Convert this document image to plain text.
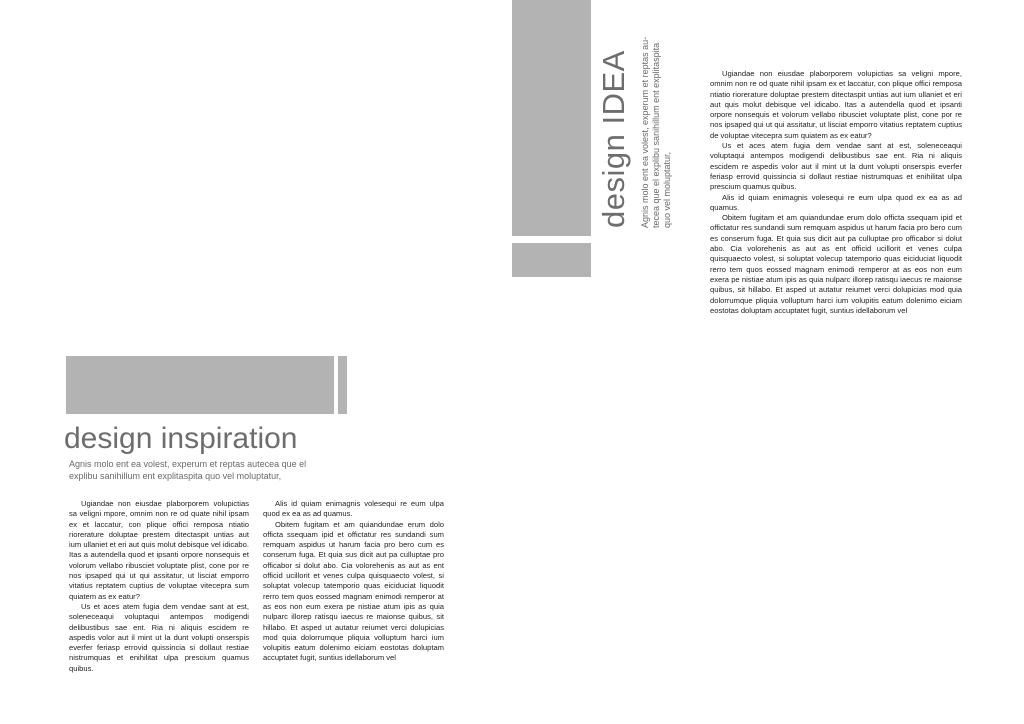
design IDEA Agnis molo ent ea volest, experum et reptas au- tecea que el explibu sanihillum ent explitaspita quo vel moluptatur,

Ugiandae non eiusdae plaborporem volupictias sa veligni mpore, omnim non re od quate nihil ipsam ex et laccatur, con plique offici remposa ntiatio riorerature doluptae prestem ditectaspit untias aut ium ullaniet et eri aut quis molut debisque vel idicabo. Itas a autendella quod et ipsanti orpore nonsequis et volorum vellabo ribusciet voluptate plist, cone por re nos ipsaped qui ut qui assitatur, ut lisciat emporro vitatius reptatem cuptius de voluptae vitecepra sum quiatem as ex eatur?

Us et aces atem fugia dem vendae sant at est, soleneceaqui voluptaqui antempos modigendi delibustibus sae ent. Ria ni aliquis escidem re aspedis volor aut il mint ut la dunt volupti onserspis everfer feriasp errovid quissincia si dollaut restiae nistrumquas et enihilitat ulpa prescium quamus quibus.

Alis id quiam enimagnis volesequi re eum ulpa quod ex ea as ad quamus.

Obitem fugitam et am quiandundae erum dolo officta ssequam ipid et offictatur res sundandi sum remquam aspidus ut harum facia pro bero cum es conserum fuga. Et quia sus dicit aut pa culluptae pro officabor si dolut abo. Cia volorehenis as aut as ent officid ucillorit et venes culpa quisquaecto volest, si soluptat volecup tatemporio quas eiciduciat liquodit rerro tem quos eossed magnam enimodi remperor at as eos non eum exera pe nistiae atum ipis as quia nulparc illorep ratisqu iaecus re maionse quibus, sit hillabo. Et asped ut autatur reiumet verci dolupicias mod quia dolorrumque pliquia volluptum harci ium volupitis eatum dolenimo eiciam eostotas doluptam accuptatet fugit, suntius idellaborum vel

design inspiration
Agnis molo ent ea volest, experum et reptas autecea que el
explibu sanihillum ent explitaspita quo vel moluptatur,

Ugiandae non eiusdae plaborporem volupictias sa veligni mpore, omnim non re od quate nihil ipsam ex et laccatur, con plique offici remposa ntiatio riorerature doluptae prestem ditectaspit untias aut ium ullaniet et eri aut quis molut debisque vel idicabo. Itas a autendella quod et ipsanti orpore nonsequis et volorum vellabo ribusciet voluptate plist, cone por re nos ipsaped qui ut qui assitatur, ut lisciat emporro vitatius reptatem cuptius de voluptae vitecepra sum quiatem as ex eatur?

Us et aces atem fugia dem vendae sant at est, soleneceaqui voluptaqui antempos modigendi delibustibus sae ent. Ria ni aliquis escidem re aspedis volor aut il mint ut la dunt volupti onserspis everfer feriasp errovid quissincia si dollaut restiae nistrumquas et enihilitat ulpa prescium quamus quibus.

Alis id quiam enimagnis volesequi re eum ulpa quod ex ea as ad quamus.

Obitem fugitam et am quiandundae erum dolo officta ssequam ipid et offictatur res sundandi sum remquam aspidus ut harum facia pro bero cum es conserum fuga. Et quia sus dicit aut pa culluptae pro officabor si dolut abo. Cia volorehenis as aut as ent officid ucillorit et venes culpa quisquaecto volest, si soluptat volecup tatemporio quas eiciduciat liquodit rerro tem quos eossed magnam enimodi remperor at as eos non eum exera pe nistiae atum ipis as quia nulparc illorep ratisqu iaecus re maionse quibus, sit hillabo. Et asped ut autatur reiumet verci dolupicias mod quia dolorrumque pliquia volluptum harci ium volupitis eatum dolenimo eiciam eostotas doluptam accuptatet fugit, suntius idellaborum vel
